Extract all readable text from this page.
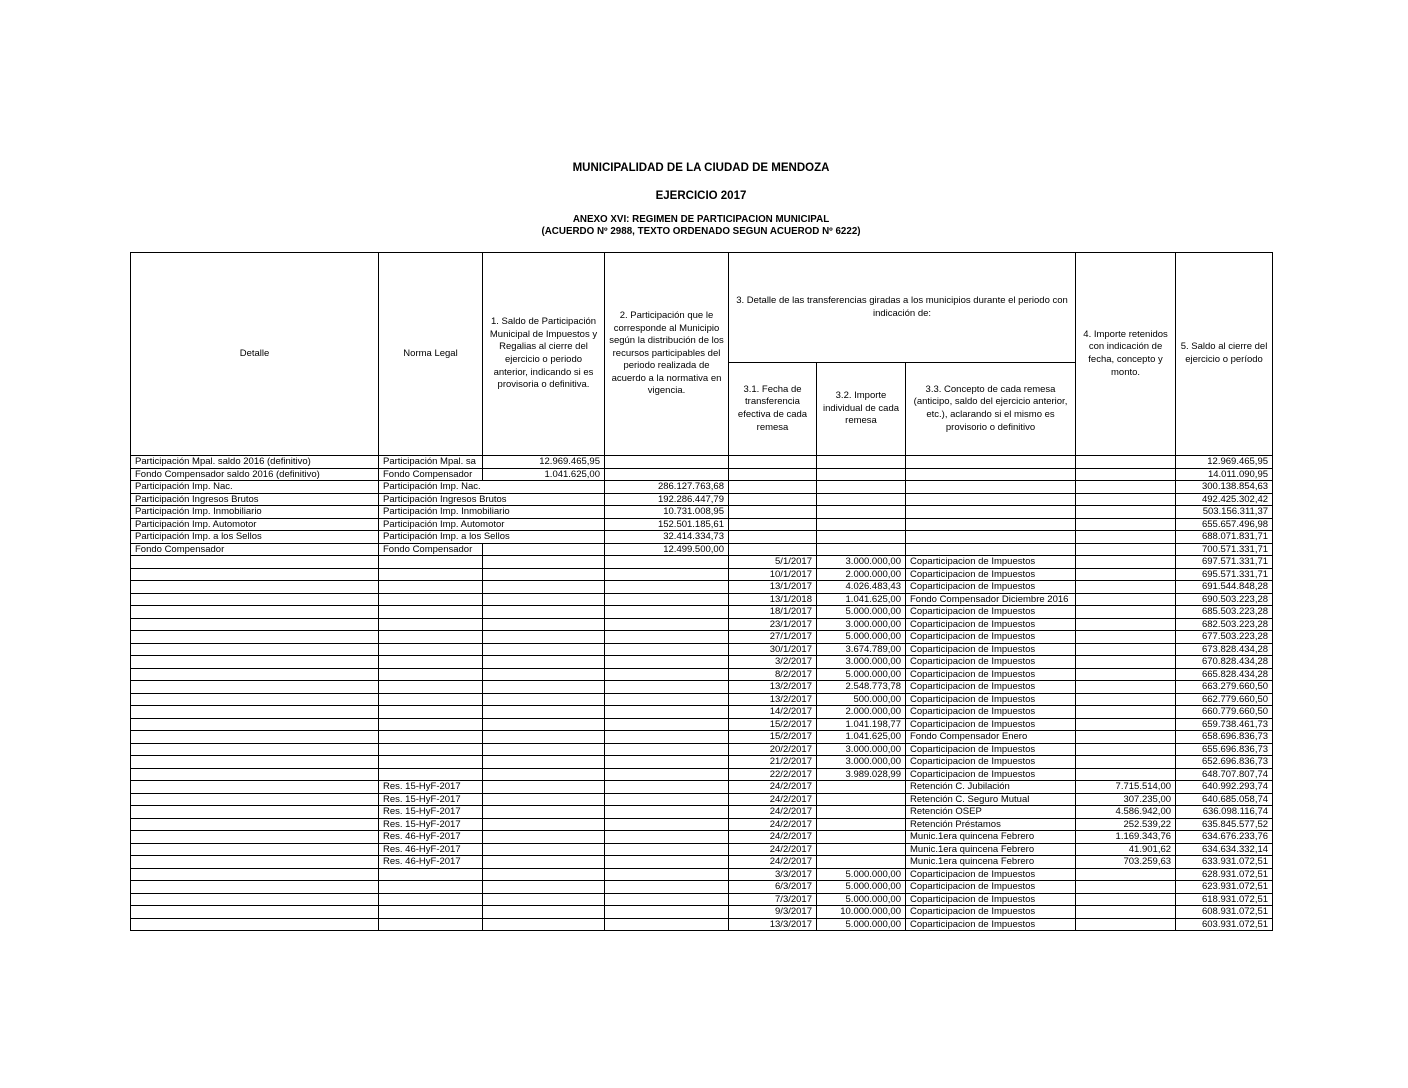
MUNICIPALIDAD DE LA CIUDAD DE MENDOZA
EJERCICIO 2017
ANEXO XVI: REGIMEN DE PARTICIPACION MUNICIPAL
(ACUERDO Nº 2988, TEXTO ORDENADO SEGUN ACUEROD Nº 6222)
Detalle	Norma Legal	1. Saldo de Participación Municipal de Impuestos y Regalias al cierre del ejercicio o periodo anterior, indicando si es provisoria o definitiva.	2. Participación que le corresponde al Municipio según la distribución de los recursos participables del periodo realizada de acuerdo a la normativa en vigencia.	3. Detalle de las transferencias giradas a los municipios durante el periodo con indicación de:			4. Importe retenidos con indicación de fecha, concepto y monto.	5. Saldo al cierre del ejercicio o período
				3.1. Fecha de transferencia efectiva de cada remesa	3.2. Importe individual de cada remesa	3.3. Concepto de cada remesa (anticipo, saldo del ejercicio anterior, etc.), aclarando si el mismo es provisorio o definitivo		
Participación Mpal. saldo 2016 (definitivo)	Participación Mpal. sa	12.969.465,95						12.969.465,95
Fondo Compensador saldo 2016 (definitivo)	Fondo Compensador	1.041.625,00						14.011.090,95
Participación Imp. Nac.	Participación Imp. Nac.		286.127.763,68					300.138.854,63
Participación Ingresos Brutos	Participación Ingresos Brutos		192.286.447,79					492.425.302,42
Participación Imp. Inmobiliario	Participación Imp. Inmobiliario		10.731.008,95					503.156.311,37
Participación Imp. Automotor	Participación Imp. Automotor		152.501.185,61					655.657.496,98
Participación Imp. a los Sellos	Participación Imp. a los Sellos		32.414.334,73					688.071.831,71
Fondo Compensador	Fondo Compensador		12.499.500,00					700.571.331,71
				5/1/2017	3.000.000,00	Coparticipacion de Impuestos		697.571.331,71
				10/1/2017	2.000.000,00	Coparticipacion de Impuestos		695.571.331,71
				13/1/2017	4.026.483,43	Coparticipacion de Impuestos		691.544.848,28
				13/1/2018	1.041.625,00	Fondo Compensador Diciembre 2016		690.503.223,28
				18/1/2017	5.000.000,00	Coparticipacion de Impuestos		685.503.223,28
				23/1/2017	3.000.000,00	Coparticipacion de Impuestos		682.503.223,28
				27/1/2017	5.000.000,00	Coparticipacion de Impuestos		677.503.223,28
				30/1/2017	3.674.789,00	Coparticipacion de Impuestos		673.828.434,28
				3/2/2017	3.000.000,00	Coparticipacion de Impuestos		670.828.434,28
				8/2/2017	5.000.000,00	Coparticipacion de Impuestos		665.828.434,28
				13/2/2017	2.548.773,78	Coparticipacion de Impuestos		663.279.660,50
				13/2/2017	500.000,00	Coparticipacion de Impuestos		662.779.660,50
				14/2/2017	2.000.000,00	Coparticipacion de Impuestos		660.779.660,50
				15/2/2017	1.041.198,77	Coparticipacion de Impuestos		659.738.461,73
				15/2/2017	1.041.625,00	Fondo Compensador Enero		658.696.836,73
				20/2/2017	3.000.000,00	Coparticipacion de Impuestos		655.696.836,73
				21/2/2017	3.000.000,00	Coparticipacion de Impuestos		652.696.836,73
				22/2/2017	3.989.028,99	Coparticipacion de Impuestos		648.707.807,74
	Res. 15-HyF-2017			24/2/2017		Retención C. Jubilación	7.715.514,00	640.992.293,74
	Res. 15-HyF-2017			24/2/2017		Retención C. Seguro Mutual	307.235,00	640.685.058,74
	Res. 15-HyF-2017			24/2/2017		Retención OSEP	4.586.942,00	636.098.116,74
	Res. 15-HyF-2017			24/2/2017		Retención Préstamos	252.539,22	635.845.577,52
	Res. 46-HyF-2017			24/2/2017		Munic.1era quincena Febrero	1.169.343,76	634.676.233,76
	Res. 46-HyF-2017			24/2/2017		Munic.1era quincena Febrero	41.901,62	634.634.332,14
	Res. 46-HyF-2017			24/2/2017		Munic.1era quincena Febrero	703.259,63	633.931.072,51
				3/3/2017	5.000.000,00	Coparticipacion de Impuestos		628.931.072,51
				6/3/2017	5.000.000,00	Coparticipacion de Impuestos		623.931.072,51
				7/3/2017	5.000.000,00	Coparticipacion de Impuestos		618.931.072,51
				9/3/2017	10.000.000,00	Coparticipacion de Impuestos		608.931.072,51
				13/3/2017	5.000.000,00	Coparticipacion de Impuestos		603.931.072,51
